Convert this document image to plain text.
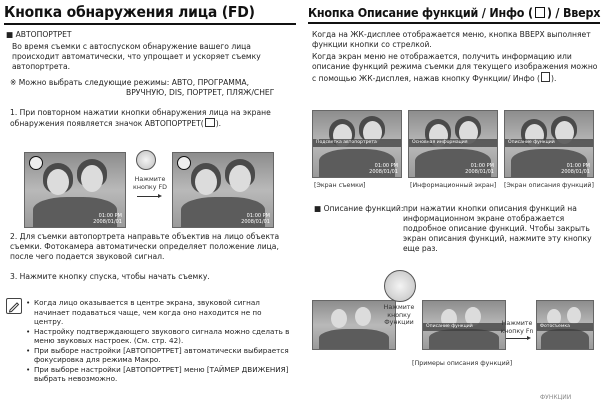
Кнопка обнаружения лица (FD)
■ АВТОПОРТРЕТ
Во время съемки с автоспуском обнаружение вашего лица происходит автоматически, что упрощает и ускоряет съемку автопортрета.
※ Можно выбрать следующие режимы: АВТО, ПРОГРАММА,
ВРУЧНУЮ, DIS, ПОРТРЕТ, ПЛЯЖ/СНЕГ
1. При повторном нажатии кнопки обнаружения лица на экране обнаружения появляется значок АВТОПОРТРЕТ( ).
01:00 PM
2008/01/01
Нажмите кнопку FD
01:00 PM
2008/01/01
2. Для съемки автопортрета направьте объектив на лицо объекта съемки. Фотокамера автоматически определяет положение лица, после чего подается звуковой сигнал.
3. Нажмите кнопку спуска, чтобы начать съемку.
• Когда лицо оказывается в центре экрана, звуковой сигнал начинает подаваться чаще, чем когда оно находится не по центру.
• Настройку подтверждающего звукового сигнала можно сделать в меню звуковых настроек. (См. стр. 42).
• При выборе настройки [АВТОПОРТРЕТ] автоматически выбирается фокусировка для режима Макро.
• При выборе настройки [АВТОПОРТРЕТ] меню [ТАЙМЕР ДВИЖЕНИЯ] выбрать невозможно.
Кнопка Описание функций / Инфо ( ) / Вверх
Когда на ЖК-дисплее отображается меню, кнопка ВВЕРХ выполняет функции кнопки со стрелкой.
Когда экран меню не отображается, получить информацию или описание функций режима съемки для текущего изображения можно с помощью ЖК-дисплея, нажав кнопку Функции/ Инфо ( ).
Подсветка автопортрета
01:00 PM
2008/01/01
Основная информация
01:00 PM
2008/01/01
Описание функций
01:00 PM
2008/01/01
[Экран съемки]	[Информационный экран] [Экран описания функций]
■ Описание функций: при нажатии кнопки описания функций на информационном экране отображается подробное описание функций. Чтобы закрыть экран описания функций, нажмите эту кнопку еще раз.
Нажмите кнопку Функции
Описание функций	Нажмите кнопку Fn
Фотосъемка
[Примеры описания функций]
ФУНКЦИИ
